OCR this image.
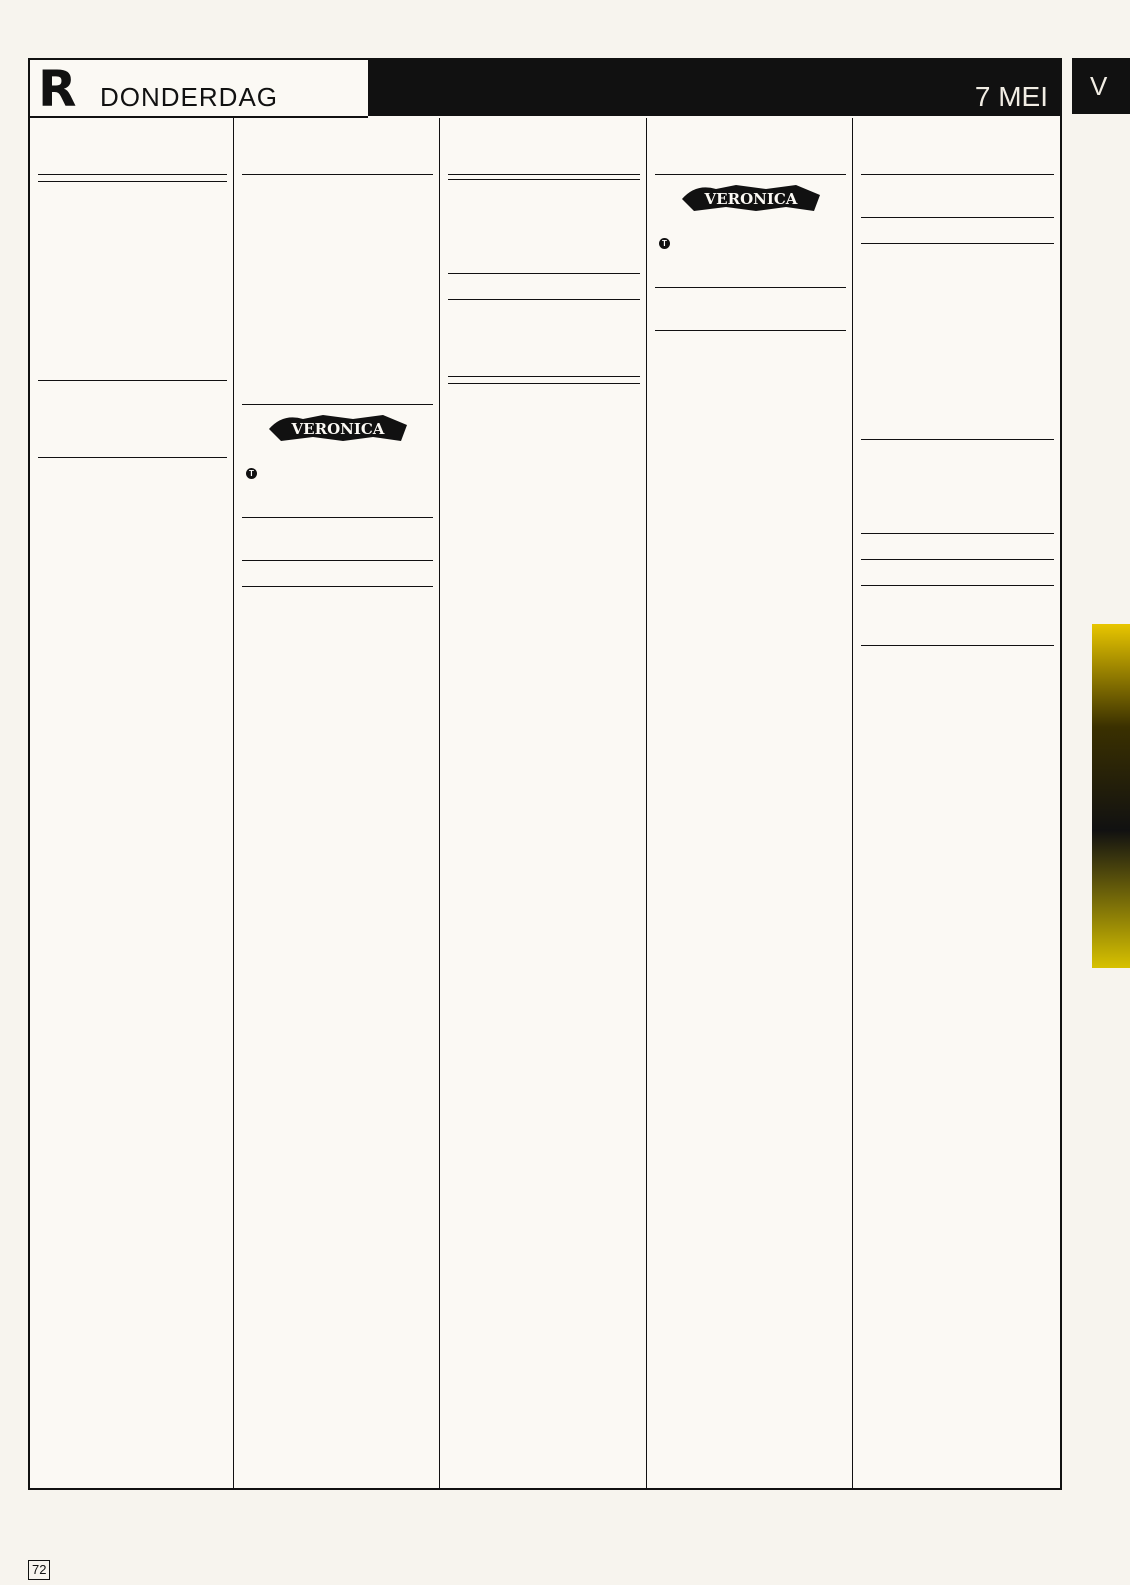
R DONDERDAG	7 MEI
VERONICA
T
VERONICA
T
V
72
